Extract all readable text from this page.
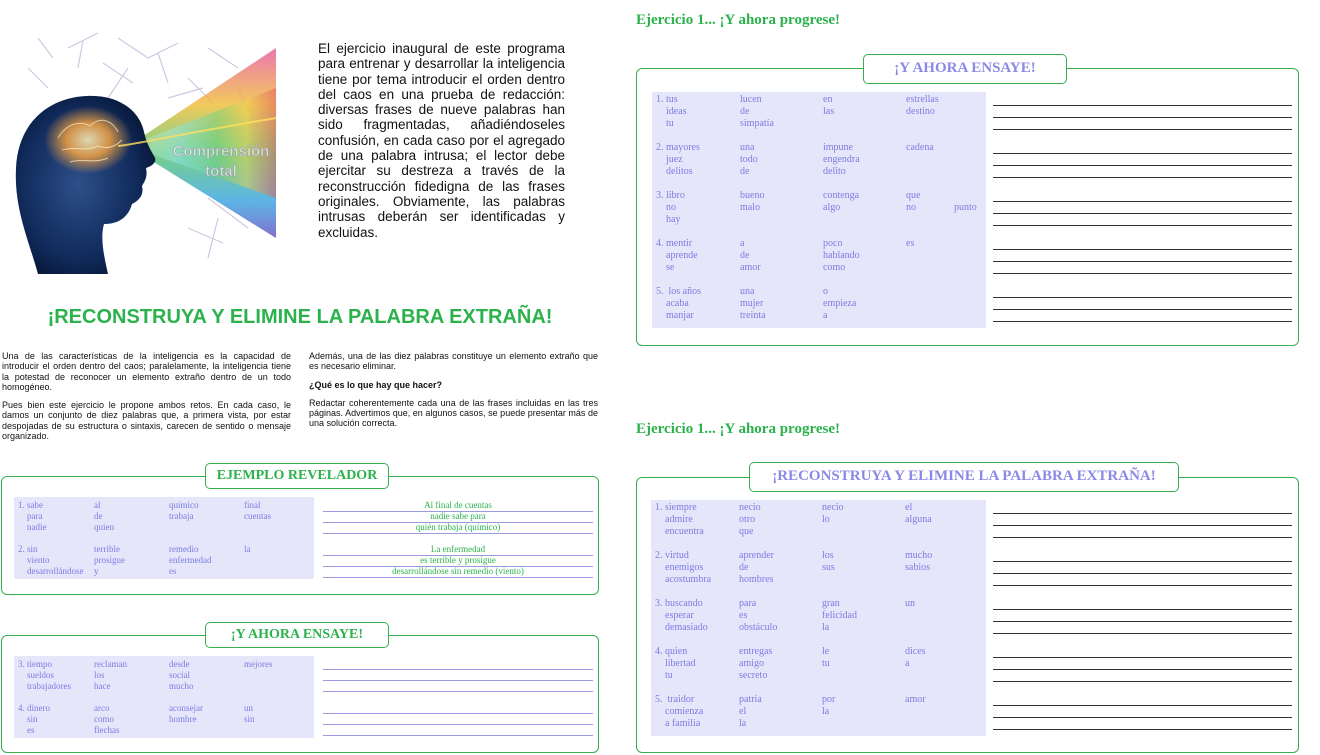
Comprensión
total
El ejercicio inaugural de este programa para entrenar y desarrollar la inteligencia tiene por tema introducir el orden dentro del caos en una prueba de redacción: diversas frases de nueve palabras han sido fragmentadas, añadiéndoseles confusión, en cada caso por el agregado de una palabra intrusa; el lector debe ejercitar su destreza a través de la reconstrucción fidedigna de las frases originales. Obviamente, las palabras intrusas deberán ser identificadas y excluidas.
¡RECONSTRUYA Y ELIMINE LA PALABRA EXTRAÑA!

Una de las características de la inteligencia es la capacidad de introducir el orden dentro del caos; paralelamente, la inteligencia tiene la potestad de reconocer un elemento extraño dentro de un todo homogéneo.

Pues bien este ejercicio le propone ambos retos. En cada caso, le damos un conjunto de diez palabras que, a primera vista, por estar despojadas de su estructura o sintaxis, carecen de sentido o mensaje organizado.

Además, una de las diez palabras constituye un elemento extraño que es necesario eliminar.

¿Qué es lo que hay que hacer?

Redactar coherentemente cada una de las frases incluidas en las tres páginas. Advertimos que, en algunos casos, se puede presentar más de una solución correcta.

EJEMPLO REVELADOR
1. sabe
para
nadie
al
de
quien
químico
trabaja
final
cuentas
2. sin
viento
desarrollándose
terrible
prosigue
y
remedio
enfermedad
es
la
Al final de cuentas
nadie sabe para
quién trabaja (químico)
La enfermedad
es terrible y prosigue
desarrollándose sin remedio (viento)
¡Y AHORA ENSAYE!
3. tiempo
sueldos
trabajadores
reclaman
los
hace
desde
social
mucho
mejores
4. dinero
sin
es
arco
como
flechas
aconsejar
hombre
un
sin
Ejercicio 1... ¡Y ahora progrese!
¡Y AHORA ENSAYE!
1. tus
ideas
tu
lucen
de
simpatía
en
las
estrellas
destino
2. mayores
juez
delitos
una
todo
de
impune
engendra
delito
cadena
3. libro
no
hay
bueno
malo
contenga
algo
que
no	punto
4. mentir
aprende
se
a
de
amor
poco
hablando
como
es
5.  los años
acaba
manjar
una
mujer
treinta
o
empieza
a
Ejercicio 1... ¡Y ahora progrese!
¡RECONSTRUYA Y ELIMINE LA PALABRA EXTRAÑA!
1. siempre
admire
encuentra
necio
otro
que
necio
lo
el
alguna
2. virtud
enemigos
acostumbra
aprender
de
hombres
los
sus
mucho
sabios
3. buscando
esperar
demasiado
para
es
obstáculo
gran
felicidad
la
un
4. quien
libertad
tu
entregas
amigo
secreto
le
tu
dices
a
5.  traidor
comienza
a familia
patria
el
la
por
la
amor
